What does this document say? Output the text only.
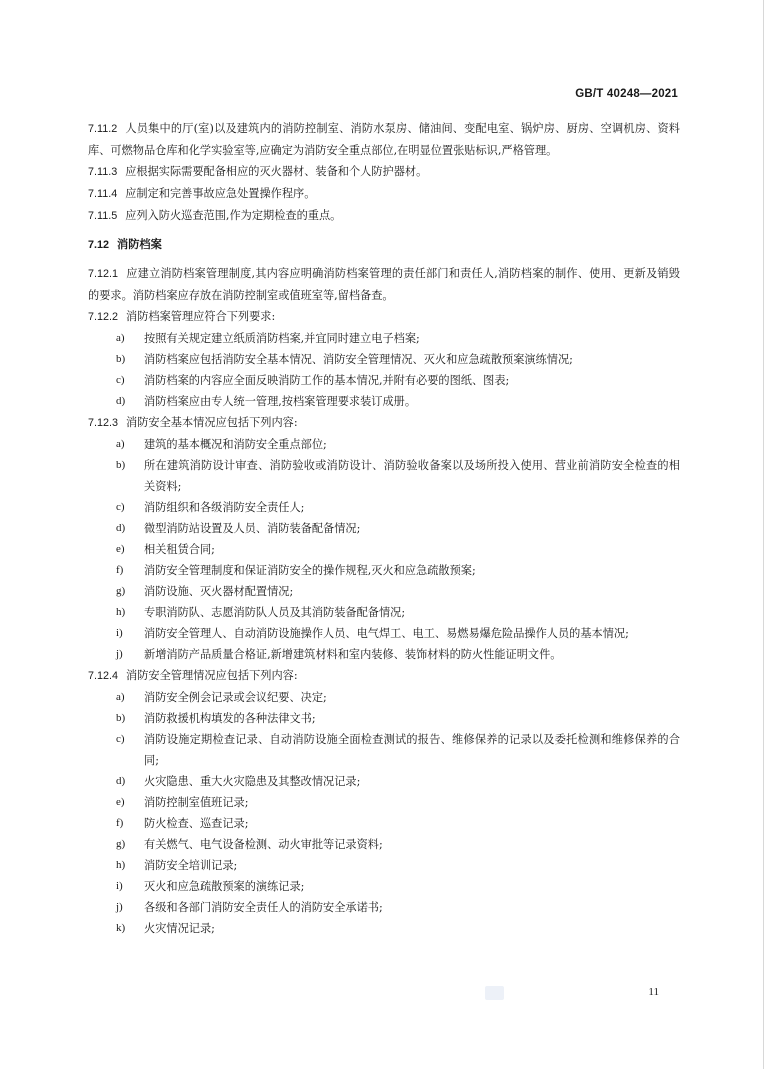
GB/T 40248—2021

7.11.2 人员集中的厅(室)以及建筑内的消防控制室、消防水泵房、储油间、变配电室、锅炉房、厨房、空调机房、资料库、可燃物品仓库和化学实验室等,应确定为消防安全重点部位,在明显位置张贴标识,严格管理。

7.11.3 应根据实际需要配备相应的灭火器材、装备和个人防护器材。

7.11.4 应制定和完善事故应急处置操作程序。

7.11.5 应列入防火巡查范围,作为定期检查的重点。

7.12 消防档案

7.12.1 应建立消防档案管理制度,其内容应明确消防档案管理的责任部门和责任人,消防档案的制作、使用、更新及销毁的要求。消防档案应存放在消防控制室或值班室等,留档备查。

7.12.2 消防档案管理应符合下列要求:

a)	按照有关规定建立纸质消防档案,并宜同时建立电子档案;
b)	消防档案应包括消防安全基本情况、消防安全管理情况、灭火和应急疏散预案演练情况;
c)	消防档案的内容应全面反映消防工作的基本情况,并附有必要的图纸、图表;
d)	消防档案应由专人统一管理,按档案管理要求装订成册。

7.12.3 消防安全基本情况应包括下列内容:

a)	建筑的基本概况和消防安全重点部位;
b)	所在建筑消防设计审查、消防验收或消防设计、消防验收备案以及场所投入使用、营业前消防安全检查的相关资料;
c)	消防组织和各级消防安全责任人;
d)	微型消防站设置及人员、消防装备配备情况;
e)	相关租赁合同;
f)	消防安全管理制度和保证消防安全的操作规程,灭火和应急疏散预案;
g)	消防设施、灭火器材配置情况;
h)	专职消防队、志愿消防队人员及其消防装备配备情况;
i)	消防安全管理人、自动消防设施操作人员、电气焊工、电工、易燃易爆危险品操作人员的基本情况;
j)	新增消防产品质量合格证,新增建筑材料和室内装修、装饰材料的防火性能证明文件。

7.12.4 消防安全管理情况应包括下列内容:

a)	消防安全例会记录或会议纪要、决定;
b)	消防救援机构填发的各种法律文书;
c)	消防设施定期检查记录、自动消防设施全面检查测试的报告、维修保养的记录以及委托检测和维修保养的合同;
d)	火灾隐患、重大火灾隐患及其整改情况记录;
e)	消防控制室值班记录;
f)	防火检查、巡查记录;
g)	有关燃气、电气设备检测、动火审批等记录资料;
h)	消防安全培训记录;
i)	灭火和应急疏散预案的演练记录;
j)	各级和各部门消防安全责任人的消防安全承诺书;
k)	火灾情况记录;
11
